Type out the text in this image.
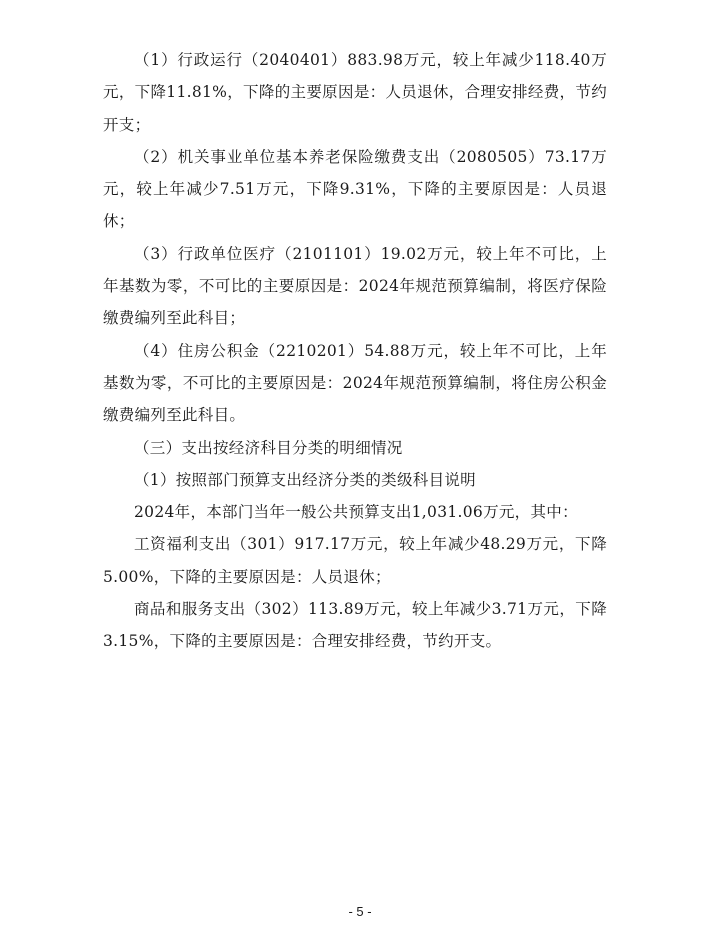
（1）行政运行（2040401）883.98万元，较上年减少118.40万元，下降11.81%，下降的主要原因是：人员退休，合理安排经费，节约开支；

（2）机关事业单位基本养老保险缴费支出（2080505）73.17万元，较上年减少7.51万元，下降9.31%，下降的主要原因是：人员退休；

（3）行政单位医疗（2101101）19.02万元，较上年不可比，上年基数为零，不可比的主要原因是：2024年规范预算编制，将医疗保险缴费编列至此科目；

（4）住房公积金（2210201）54.88万元，较上年不可比，上年基数为零，不可比的主要原因是：2024年规范预算编制，将住房公积金缴费编列至此科目。

（三）支出按经济科目分类的明细情况

（1）按照部门预算支出经济分类的类级科目说明

2024年，本部门当年一般公共预算支出1,031.06万元，其中：

工资福利支出（301）917.17万元，较上年减少48.29万元，下降5.00%，下降的主要原因是：人员退休；

商品和服务支出（302）113.89万元，较上年减少3.71万元，下降3.15%，下降的主要原因是：合理安排经费，节约开支。

- 5 -
